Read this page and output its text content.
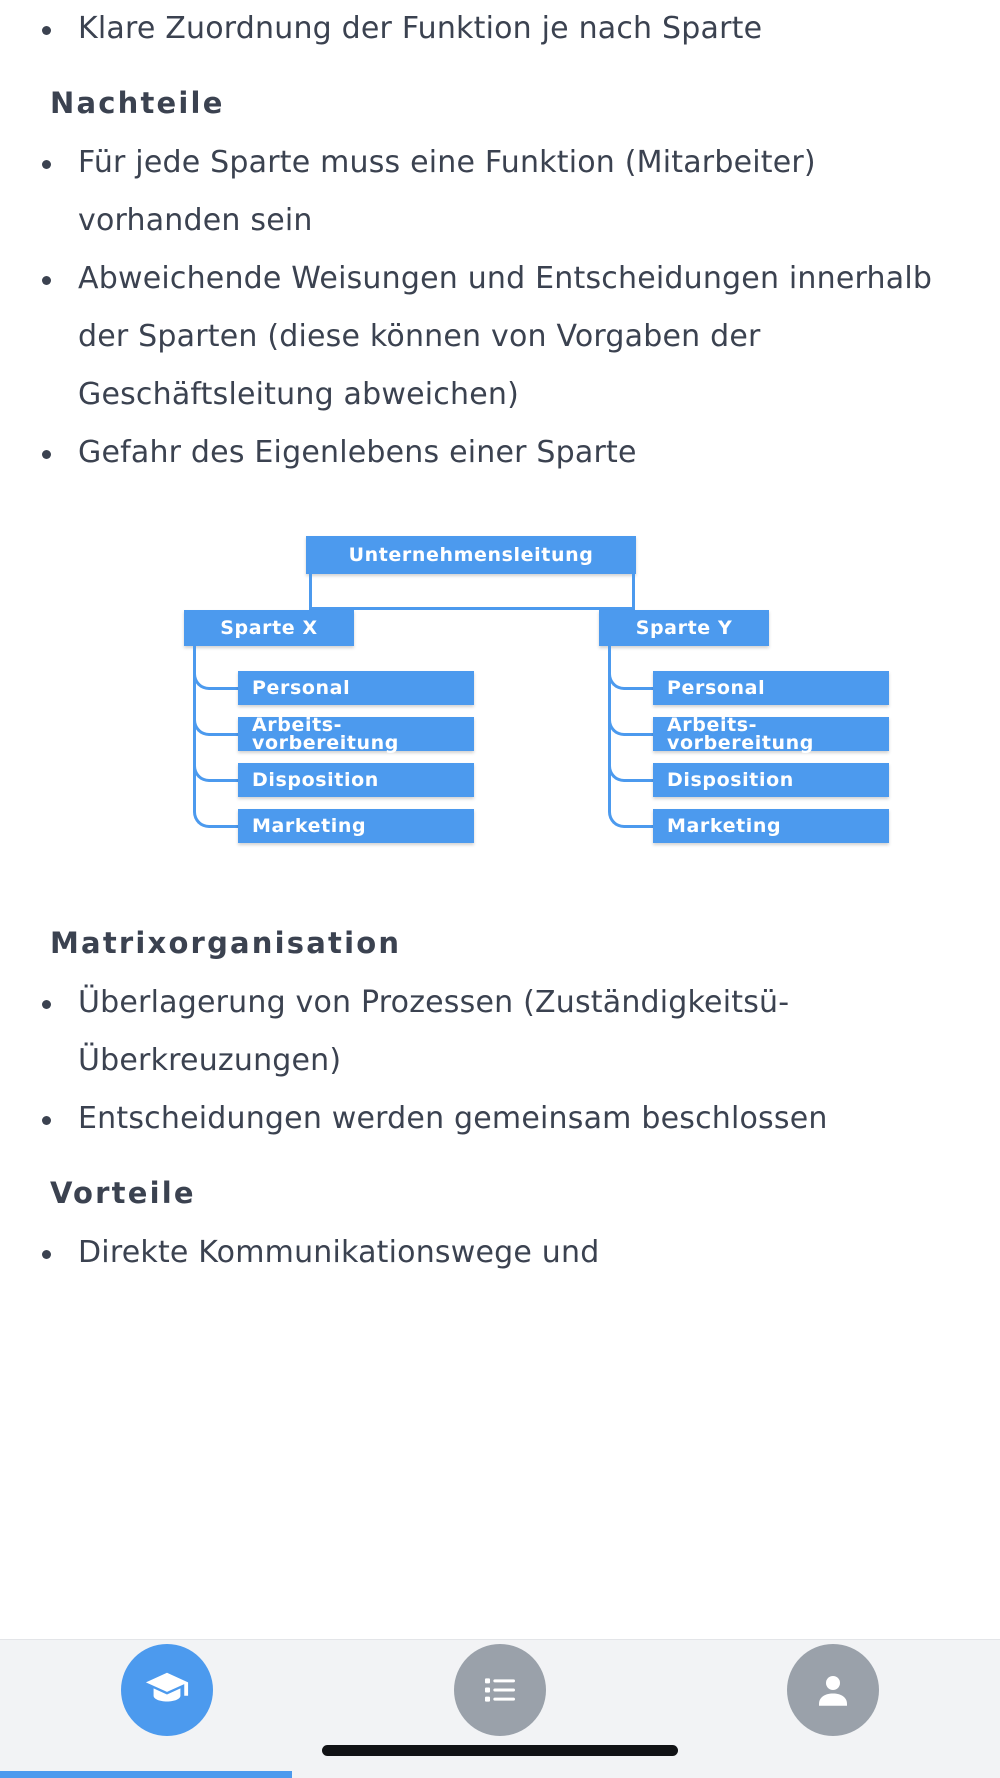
Klare Zuordnung der Funktion je nach Sparte
Nachteile
Für jede Sparte muss eine Funktion (Mitarbeiter) vorhanden sein
Abweichende Weisungen und Entscheidungen innerhalb der Sparten (diese können von Vorgaben der Geschäftsleitung abweichen)
Gefahr des Eigenlebens einer Sparte
Unternehmensleitung
Sparte X	Sparte Y
Personal
Arbeits-
vorbereitung
Disposition
Marketing
Personal
Arbeits-
vorbereitung
Disposition
Marketing
Matrixorganisation
Überlagerung von Prozessen (Zuständigkeitsü-Überkreuzungen)
Entscheidungen werden gemeinsam beschlossen
Vorteile
Direkte Kommunikationswege und
